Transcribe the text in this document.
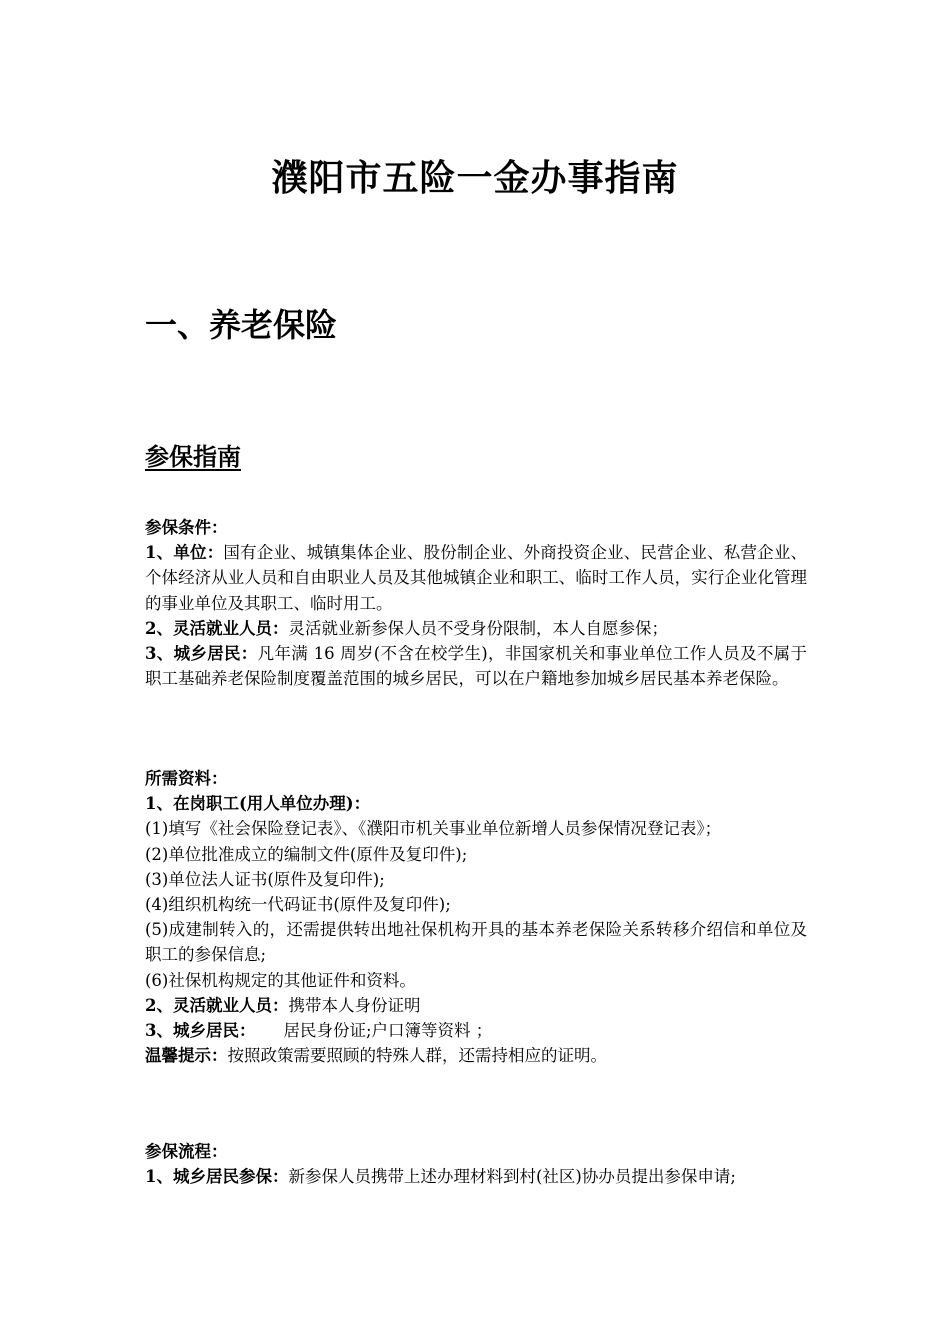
濮阳市五险一金办事指南
一、养老保险
参保指南

参保条件：

1、单位：国有企业、城镇集体企业、股份制企业、外商投资企业、民营企业、私营企业、个体经济从业人员和自由职业人员及其他城镇企业和职工、临时工作人员，实行企业化管理的事业单位及其职工、临时用工。

2、灵活就业人员：灵活就业新参保人员不受身份限制，本人自愿参保；

3、城乡居民：凡年满 16 周岁(不含在校学生)，非国家机关和事业单位工作人员及不属于职工基础养老保险制度覆盖范围的城乡居民，可以在户籍地参加城乡居民基本养老保险。

所需资料：

1、在岗职工(用人单位办理)：

(1)填写《社会保险登记表》、《濮阳市机关事业单位新增人员参保情况登记表》；

(2)单位批准成立的编制文件(原件及复印件);

(3)单位法人证书(原件及复印件);

(4)组织机构统一代码证书(原件及复印件);

(5)成建制转入的，还需提供转出地社保机构开具的基本养老保险关系转移介绍信和单位及职工的参保信息;

(6)社保机构规定的其他证件和资料。

2、灵活就业人员：携带本人身份证明

3、城乡居民： 居民身份证;户口簿等资料 ；

温馨提示：按照政策需要照顾的特殊人群，还需持相应的证明。

参保流程：

1、城乡居民参保：新参保人员携带上述办理材料到村(社区)协办员提出参保申请;
